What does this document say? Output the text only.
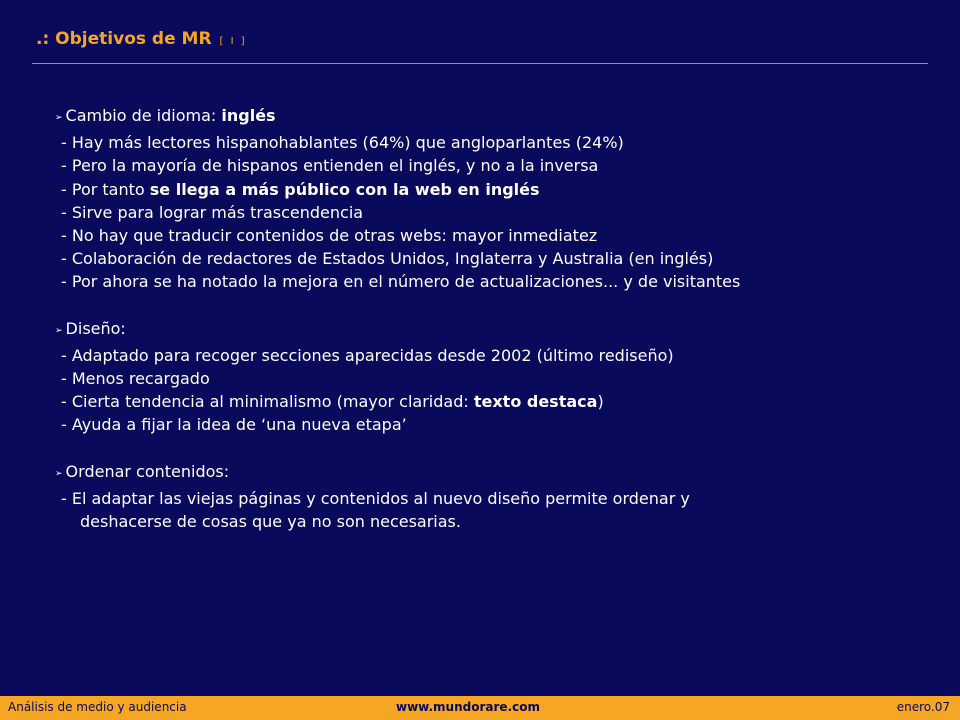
.: Objetivos de MR [ I ]
➢ Cambio de idioma: inglés
- Hay más lectores hispanohablantes (64%) que angloparlantes (24%)
- Pero la mayoría de hispanos entienden el inglés, y no a la inversa
- Por tanto se llega a más público con la web en inglés
- Sirve para lograr más trascendencia
- No hay que traducir contenidos de otras webs: mayor inmediatez
- Colaboración de redactores de Estados Unidos, Inglaterra y Australia (en inglés)
- Por ahora se ha notado la mejora en el número de actualizaciones... y de visitantes
➢ Diseño:
- Adaptado para recoger secciones aparecidas desde 2002 (último rediseño)
- Menos recargado
- Cierta tendencia al minimalismo (mayor claridad: texto destaca)
- Ayuda a fijar la idea de ‘una nueva etapa’
➢ Ordenar contenidos:
- El adaptar las viejas páginas y contenidos al nuevo diseño permite ordenar y
deshacerse de cosas que ya no son necesarias.
Análisis de medio y audiencia	www.mundorare.com	enero.07
